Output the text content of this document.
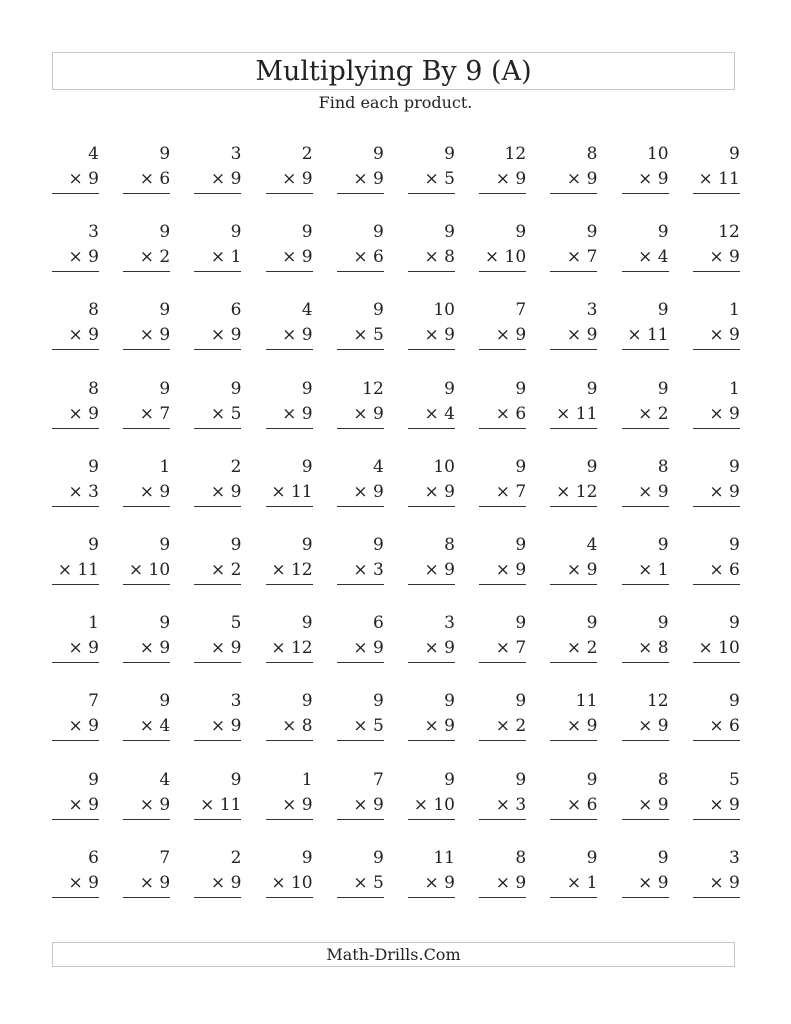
Multiplying By 9 (A)
Find each product.
4
× 9
9
× 6
3
× 9
2
× 9
9
× 9
9
× 5
12
× 9
8
× 9
10
× 9
9
× 11
3
× 9
9
× 2
9
× 1
9
× 9
9
× 6
9
× 8
9
× 10
9
× 7
9
× 4
12
× 9
8
× 9
9
× 9
6
× 9
4
× 9
9
× 5
10
× 9
7
× 9
3
× 9
9
× 11
1
× 9
8
× 9
9
× 7
9
× 5
9
× 9
12
× 9
9
× 4
9
× 6
9
× 11
9
× 2
1
× 9
9
× 3
1
× 9
2
× 9
9
× 11
4
× 9
10
× 9
9
× 7
9
× 12
8
× 9
9
× 9
9
× 11
9
× 10
9
× 2
9
× 12
9
× 3
8
× 9
9
× 9
4
× 9
9
× 1
9
× 6
1
× 9
9
× 9
5
× 9
9
× 12
6
× 9
3
× 9
9
× 7
9
× 2
9
× 8
9
× 10
7
× 9
9
× 4
3
× 9
9
× 8
9
× 5
9
× 9
9
× 2
11
× 9
12
× 9
9
× 6
9
× 9
4
× 9
9
× 11
1
× 9
7
× 9
9
× 10
9
× 3
9
× 6
8
× 9
5
× 9
6
× 9
7
× 9
2
× 9
9
× 10
9
× 5
11
× 9
8
× 9
9
× 1
9
× 9
3
× 9
Math-Drills.Com
